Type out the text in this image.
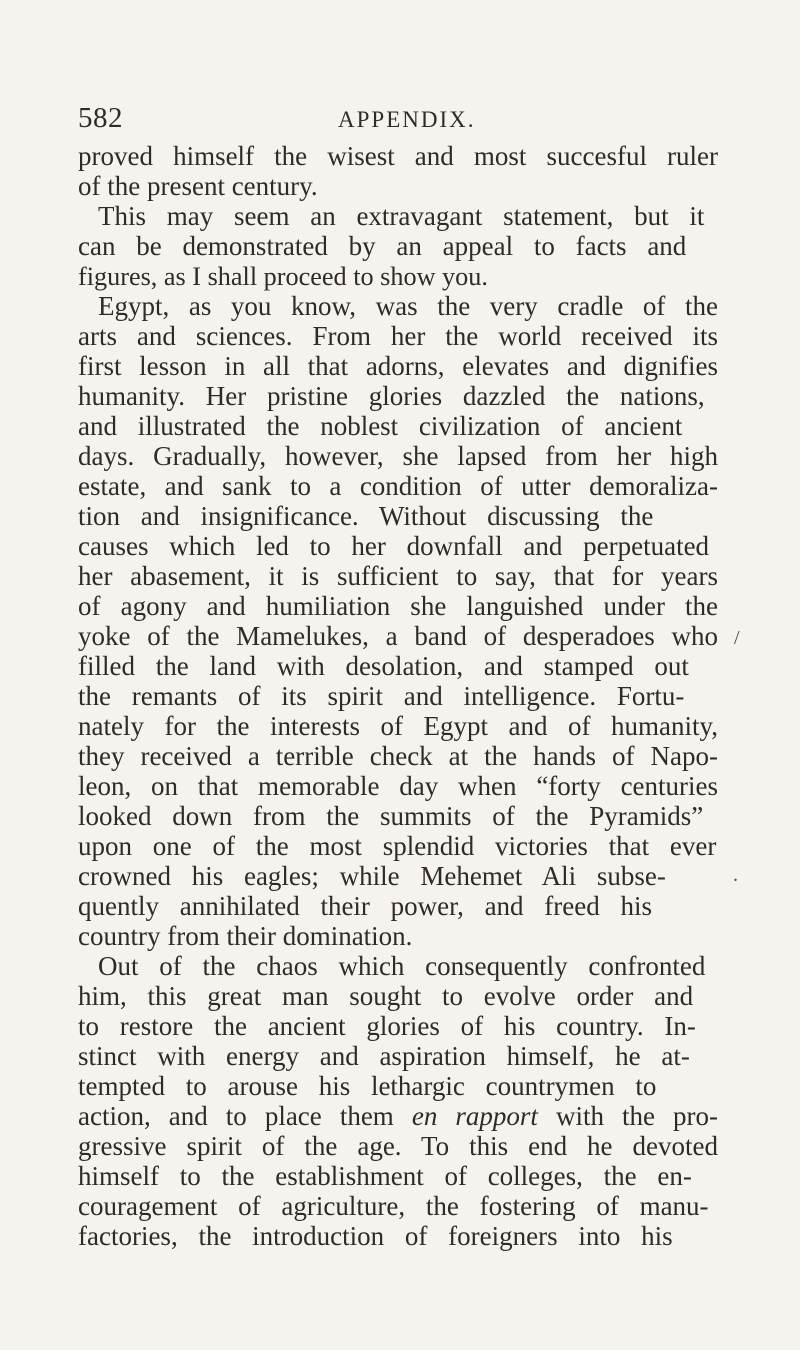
582	APPENDIX.
proved himself the wisest and most succesful ruler
of the present century.
This may seem an extravagant statement, but it
can be demonstrated by an appeal to facts and
figures, as I shall proceed to show you.
Egypt, as you know, was the very cradle of the
arts and sciences. From her the world received its
first lesson in all that adorns, elevates and dignifies
humanity. Her pristine glories dazzled the nations,
and illustrated the noblest civilization of ancient
days. Gradually, however, she lapsed from her high
estate, and sank to a condition of utter demoraliza-
tion and insignificance. Without discussing the
causes which led to her downfall and perpetuated
her abasement, it is sufficient to say, that for years
of agony and humiliation she languished under the
yoke of the Mamelukes, a band of desperadoes who
filled the land with desolation, and stamped out
the remants of its spirit and intelligence. Fortu-
nately for the interests of Egypt and of humanity,
they received a terrible check at the hands of Napo-
leon, on that memorable day when “forty centuries
looked down from the summits of the Pyramids”
upon one of the most splendid victories that ever
crowned his eagles; while Mehemet Ali subse-
quently annihilated their power, and freed his
country from their domination.
Out of the chaos which consequently confronted
him, this great man sought to evolve order and
to restore the ancient glories of his country. In-
stinct with energy and aspiration himself, he at-
tempted to arouse his lethargic countrymen to
action, and to place them en rapport with the pro-
gressive spirit of the age. To this end he devoted
himself to the establishment of colleges, the en-
couragement of agriculture, the fostering of manu-
factories, the introduction of foreigners into his
/
.
